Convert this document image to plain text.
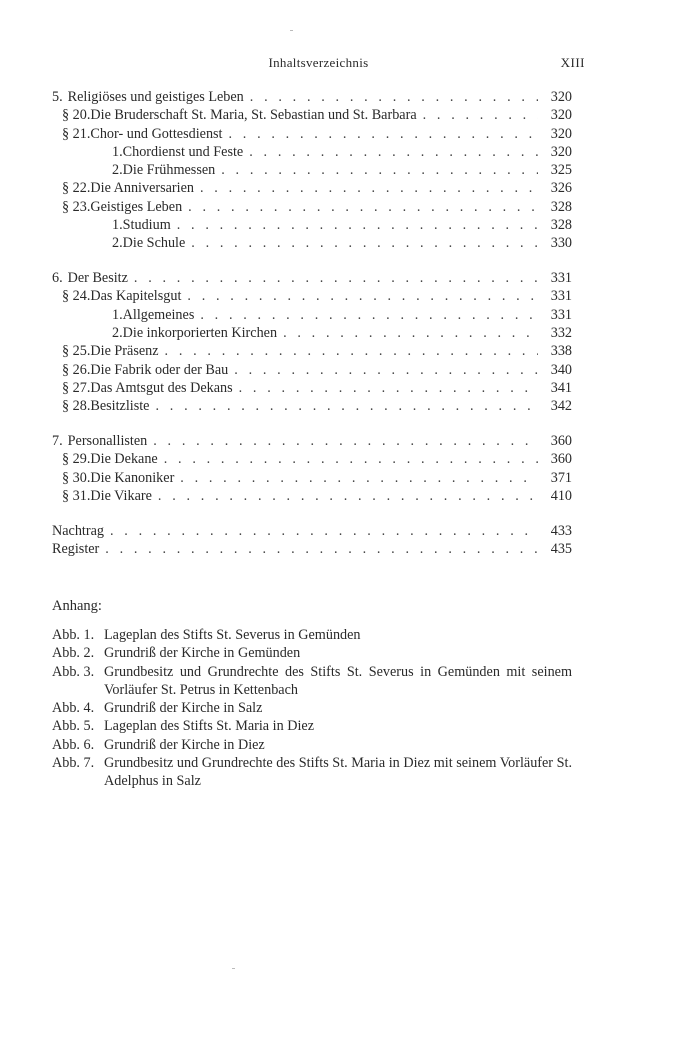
Inhaltsverzeichnis	XIII
5. Religiöses und geistiges Leben . . .	320
§ 20. Die Bruderschaft St. Maria, St. Sebastian und St. Barbara . . .	320
§ 21. Chor- und Gottesdienst . . .	320
1. Chordienst und Feste . . .	320
2. Die Frühmessen . . .	325
§ 22. Die Anniversarien . . .	326
§ 23. Geistiges Leben . . .	328
1. Studium . . .	328
2. Die Schule . . .	330
6. Der Besitz . . .	331
§ 24. Das Kapitelsgut . . .	331
1. Allgemeines . . .	331
2. Die inkorporierten Kirchen . . .	332
§ 25. Die Präsenz . . .	338
§ 26. Die Fabrik oder der Bau . . .	340
§ 27. Das Amtsgut des Dekans . . .	341
§ 28. Besitzliste . . .	342
7. Personallisten . . .	360
§ 29. Die Dekane . . .	360
§ 30. Die Kanoniker . . .	371
§ 31. Die Vikare . . .	410
Nachtrag . . .	433
Register . . .	435
Anhang:
Abb. 1. Lageplan des Stifts St. Severus in Gemünden
Abb. 2. Grundriß der Kirche in Gemünden
Abb. 3. Grundbesitz und Grundrechte des Stifts St. Severus in Gemünden mit seinem Vorläufer St. Petrus in Kettenbach
Abb. 4. Grundriß der Kirche in Salz
Abb. 5. Lageplan des Stifts St. Maria in Diez
Abb. 6. Grundriß der Kirche in Diez
Abb. 7. Grundbesitz und Grundrechte des Stifts St. Maria in Diez mit seinem Vorläufer St. Adelphus in Salz
